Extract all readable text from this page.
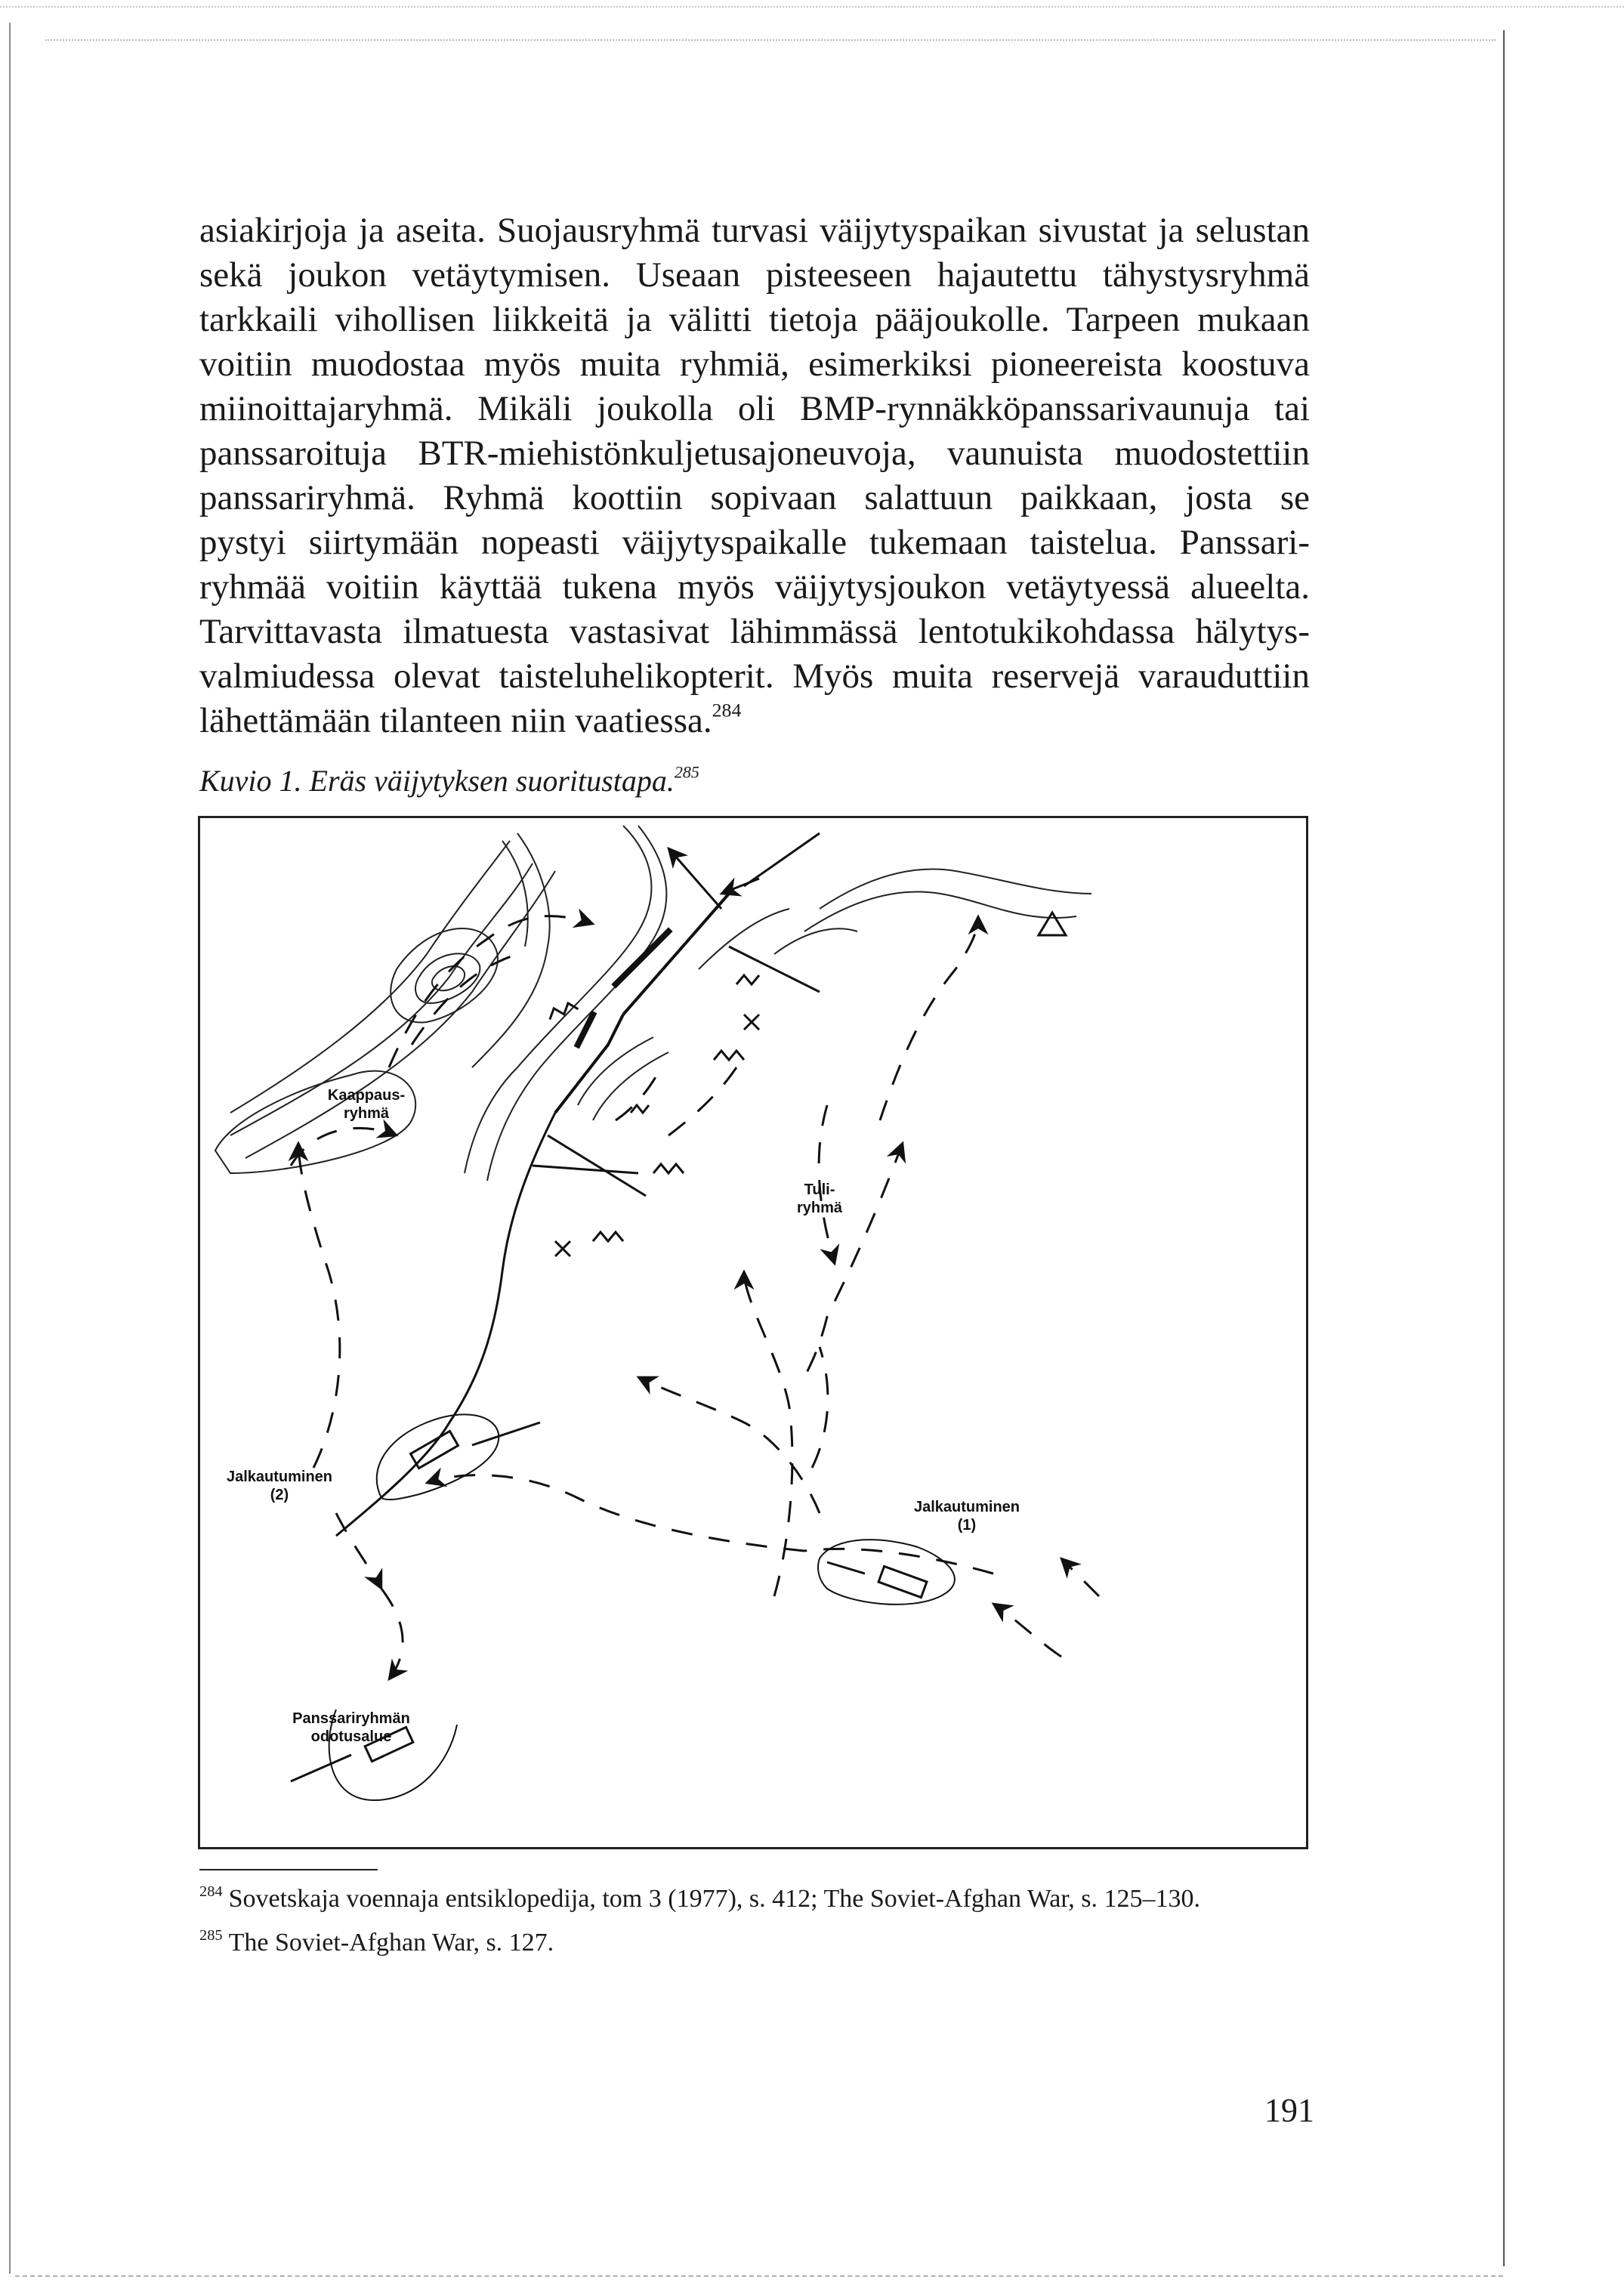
asiakirjoja ja aseita. Suojausryhmä turvasi väijytyspaikan sivustat ja selustan
sekä joukon vetäytymisen. Useaan pisteeseen hajautettu tähystysryhmä
tarkkaili vihollisen liikkeitä ja välitti tietoja pääjoukolle. Tarpeen mukaan
voitiin muodostaa myös muita ryhmiä, esimerkiksi pioneereista koostuva
miinoittajaryhmä. Mikäli joukolla oli BMP-rynnäkköpanssarivaunuja tai
panssaroituja BTR-miehistönkuljetusajoneuvoja, vaunuista muodostettiin
panssariryhmä. Ryhmä koottiin sopivaan salattuun paikkaan, josta se
pystyi siirtymään nopeasti väijytyspaikalle tukemaan taistelua. Panssari-
ryhmää voitiin käyttää tukena myös väijytysjoukon vetäytyessä alueelta.
Tarvittavasta ilmatuesta vastasivat lähimmässä lentotukikohdassa hälytys-
valmiudessa olevat taisteluhelikopterit. Myös muita reservejä varauduttiin
lähettämään tilanteen niin vaatiessa.$^{284}$

Kuvio 1. Eräs väijytyksen suoritustapa.$^{285}$

Kaappaus-
ryhmä
Tuli-
ryhmä
Jalkautuminen
(2)
Jalkautuminen
(1)
Panssariryhmän
odotusalue

$^{284}$ Sovetskaja voennaja entsiklopedija, tom 3 (1977), s. 412; The Soviet-Afghan War, s. 125–130.

$^{285}$ The Soviet-Afghan War, s. 127.

191
